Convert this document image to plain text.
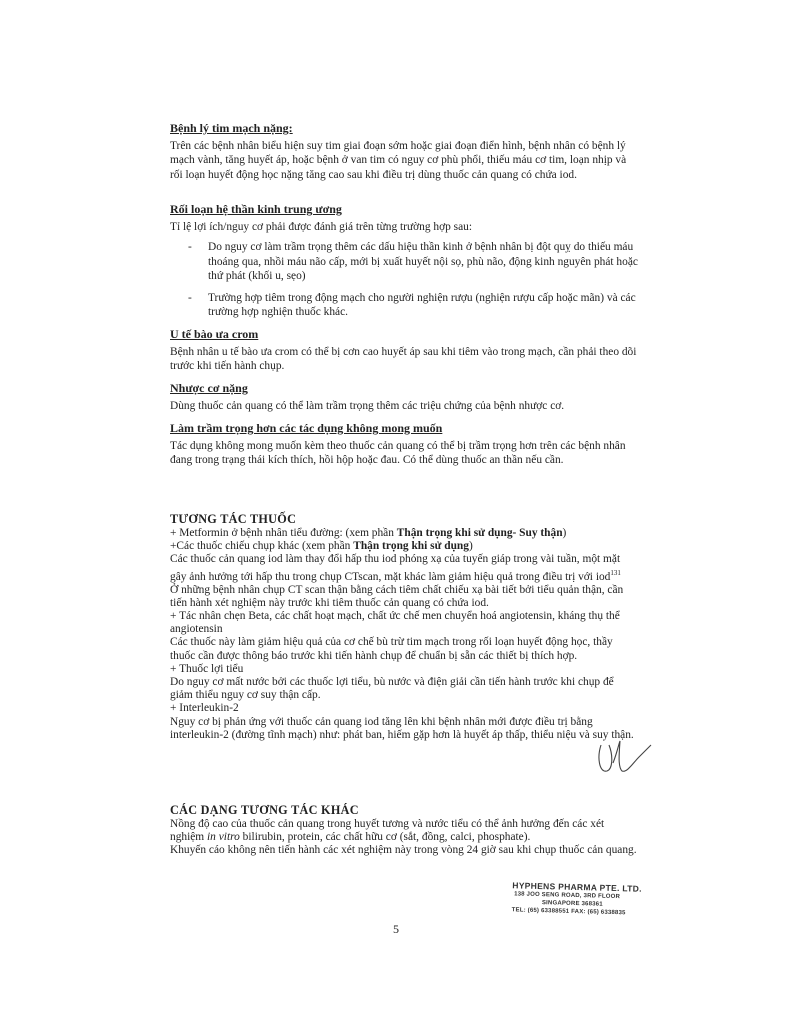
Bệnh lý tim mạch nặng:

Trên các bệnh nhân biểu hiện suy tim giai đoạn sớm hoặc giai đoạn điển hình, bệnh nhân có bệnh lý mạch vành, tăng huyết áp, hoặc bệnh ở van tim có nguy cơ phù phổi, thiếu máu cơ tim, loạn nhịp và rối loạn huyết động học nặng tăng cao sau khi điều trị dùng thuốc cản quang có chứa iod.

Rối loạn hệ thần kinh trung ương

Tỉ lệ lợi ích/nguy cơ phải được đánh giá trên từng trường hợp sau:

- Do nguy cơ làm trầm trọng thêm các dấu hiệu thần kinh ở bệnh nhân bị đột quỵ do thiếu máu thoáng qua, nhồi máu não cấp, mới bị xuất huyết nội sọ, phù não, động kinh nguyên phát hoặc thứ phát (khối u, sẹo)
- Trường hợp tiêm trong động mạch cho người nghiện rượu (nghiện rượu cấp hoặc mãn) và các trường hợp nghiện thuốc khác.

U tế bào ưa crom

Bệnh nhân u tế bào ưa crom có thể bị cơn cao huyết áp sau khi tiêm vào trong mạch, cần phải theo dõi trước khi tiến hành chụp.

Nhược cơ nặng

Dùng thuốc cản quang có thể làm trầm trọng thêm các triệu chứng của bệnh nhược cơ.

Làm trầm trọng hơn các tác dụng không mong muốn

Tác dụng không mong muốn kèm theo thuốc cản quang có thể bị trầm trọng hơn trên các bệnh nhân đang trong trạng thái kích thích, hồi hộp hoặc đau. Có thể dùng thuốc an thần nếu cần.

TƯƠNG TÁC THUỐC

+ Metformin ở bệnh nhân tiểu đường: (xem phần Thận trọng khi sử dụng- Suy thận)

+Các thuốc chiếu chụp khác (xem phần Thận trọng khi sử dụng)

Các thuốc cản quang iod làm thay đổi hấp thu iod phóng xạ của tuyến giáp trong vài tuần, một mặt gây ảnh hưởng tới hấp thu trong chụp CTscan, mặt khác làm giảm hiệu quả trong điều trị với iod$^{131}$

Ở những bệnh nhân chụp CT scan thận bằng cách tiêm chất chiếu xạ bài tiết bởi tiểu quản thận, cần tiến hành xét nghiệm này trước khi tiêm thuốc cản quang có chứa iod.

+ Tác nhân chẹn Beta, các chất hoạt mạch, chất ức chế men chuyển hoá angiotensin, kháng thụ thể angiotensin

Các thuốc này làm giảm hiệu quả của cơ chế bù trừ tim mạch trong rối loạn huyết động học, thầy thuốc cần được thông báo trước khi tiến hành chụp để chuẩn bị sẵn các thiết bị thích hợp.

+ Thuốc lợi tiểu

Do nguy cơ mất nước bởi các thuốc lợi tiểu, bù nước và điện giải cần tiến hành trước khi chụp để giảm thiểu nguy cơ suy thận cấp.

+ Interleukin-2

Nguy cơ bị phản ứng với thuốc cản quang iod tăng lên khi bệnh nhân mới được điều trị bằng interleukin-2 (đường tĩnh mạch) như: phát ban, hiếm gặp hơn là huyết áp thấp, thiểu niệu và suy thận.

CÁC DẠNG TƯƠNG TÁC KHÁC

Nồng độ cao của thuốc cản quang trong huyết tương và nước tiểu có thể ảnh hưởng đến các xét nghiệm in vitro bilirubin, protein, các chất hữu cơ (sắt, đồng, calci, phosphate).

Khuyến cáo không nên tiến hành các xét nghiệm này trong vòng 24 giờ sau khi chụp thuốc cản quang.

HYPHENS PHARMA PTE. LTD.
138 JOO SENG ROAD, 3RD FLOOR
SINGAPORE 368361
TEL: (65) 63388551 FAX: (65) 6338835
5
